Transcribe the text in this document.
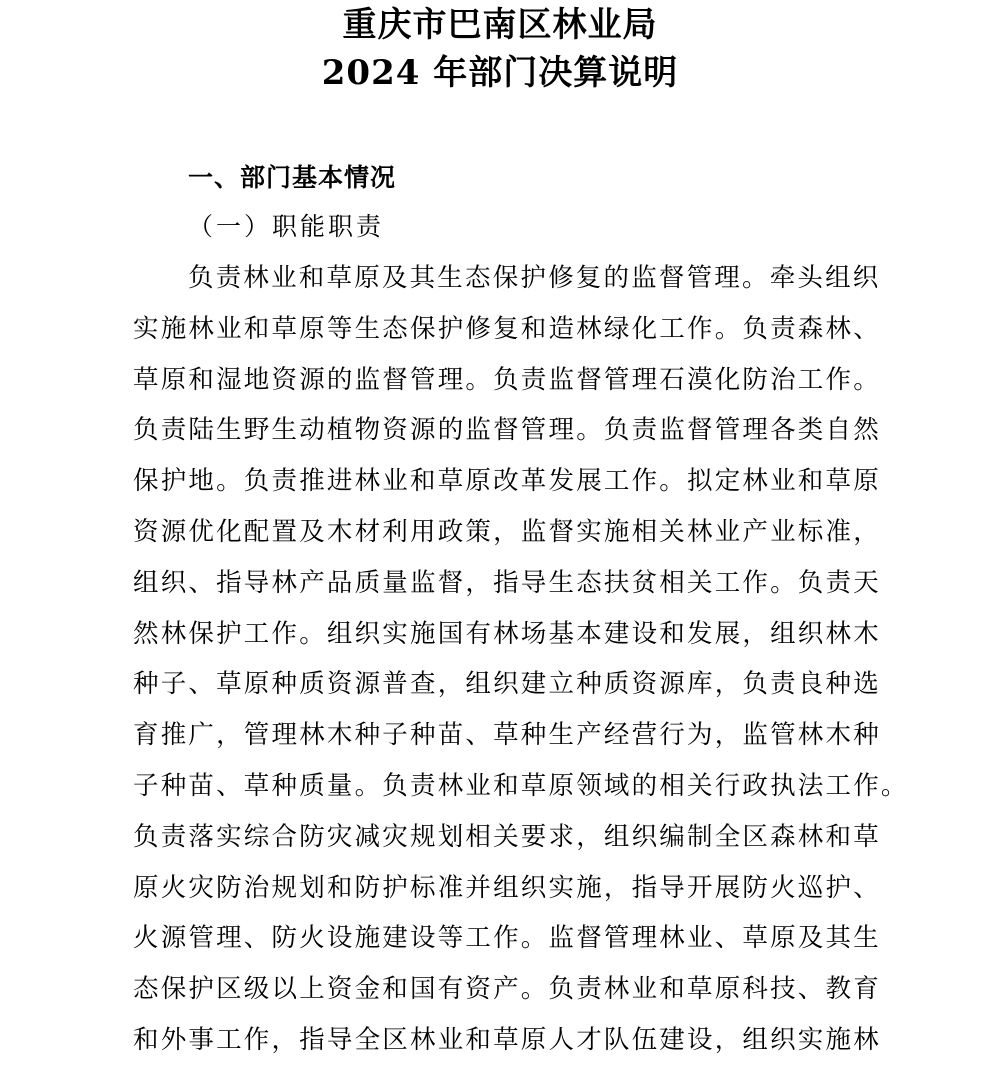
重庆市巴南区林业局
2024 年部门决算说明
一、部门基本情况
（一）职能职责
负责林业和草原及其生态保护修复的监督管理。牵头组织
实施林业和草原等生态保护修复和造林绿化工作。负责森林、
草原和湿地资源的监督管理。负责监督管理石漠化防治工作。
负责陆生野生动植物资源的监督管理。负责监督管理各类自然
保护地。负责推进林业和草原改革发展工作。拟定林业和草原
资源优化配置及木材利用政策，监督实施相关林业产业标准，
组织、指导林产品质量监督，指导生态扶贫相关工作。负责天
然林保护工作。组织实施国有林场基本建设和发展，组织林木
种子、草原种质资源普查，组织建立种质资源库，负责良种选
育推广，管理林木种子种苗、草种生产经营行为，监管林木种
子种苗、草种质量。负责林业和草原领域的相关行政执法工作。
负责落实综合防灾减灾规划相关要求，组织编制全区森林和草
原火灾防治规划和防护标准并组织实施，指导开展防火巡护、
火源管理、防火设施建设等工作。监督管理林业、草原及其生
态保护区级以上资金和国有资产。负责林业和草原科技、教育
和外事工作，指导全区林业和草原人才队伍建设，组织实施林
